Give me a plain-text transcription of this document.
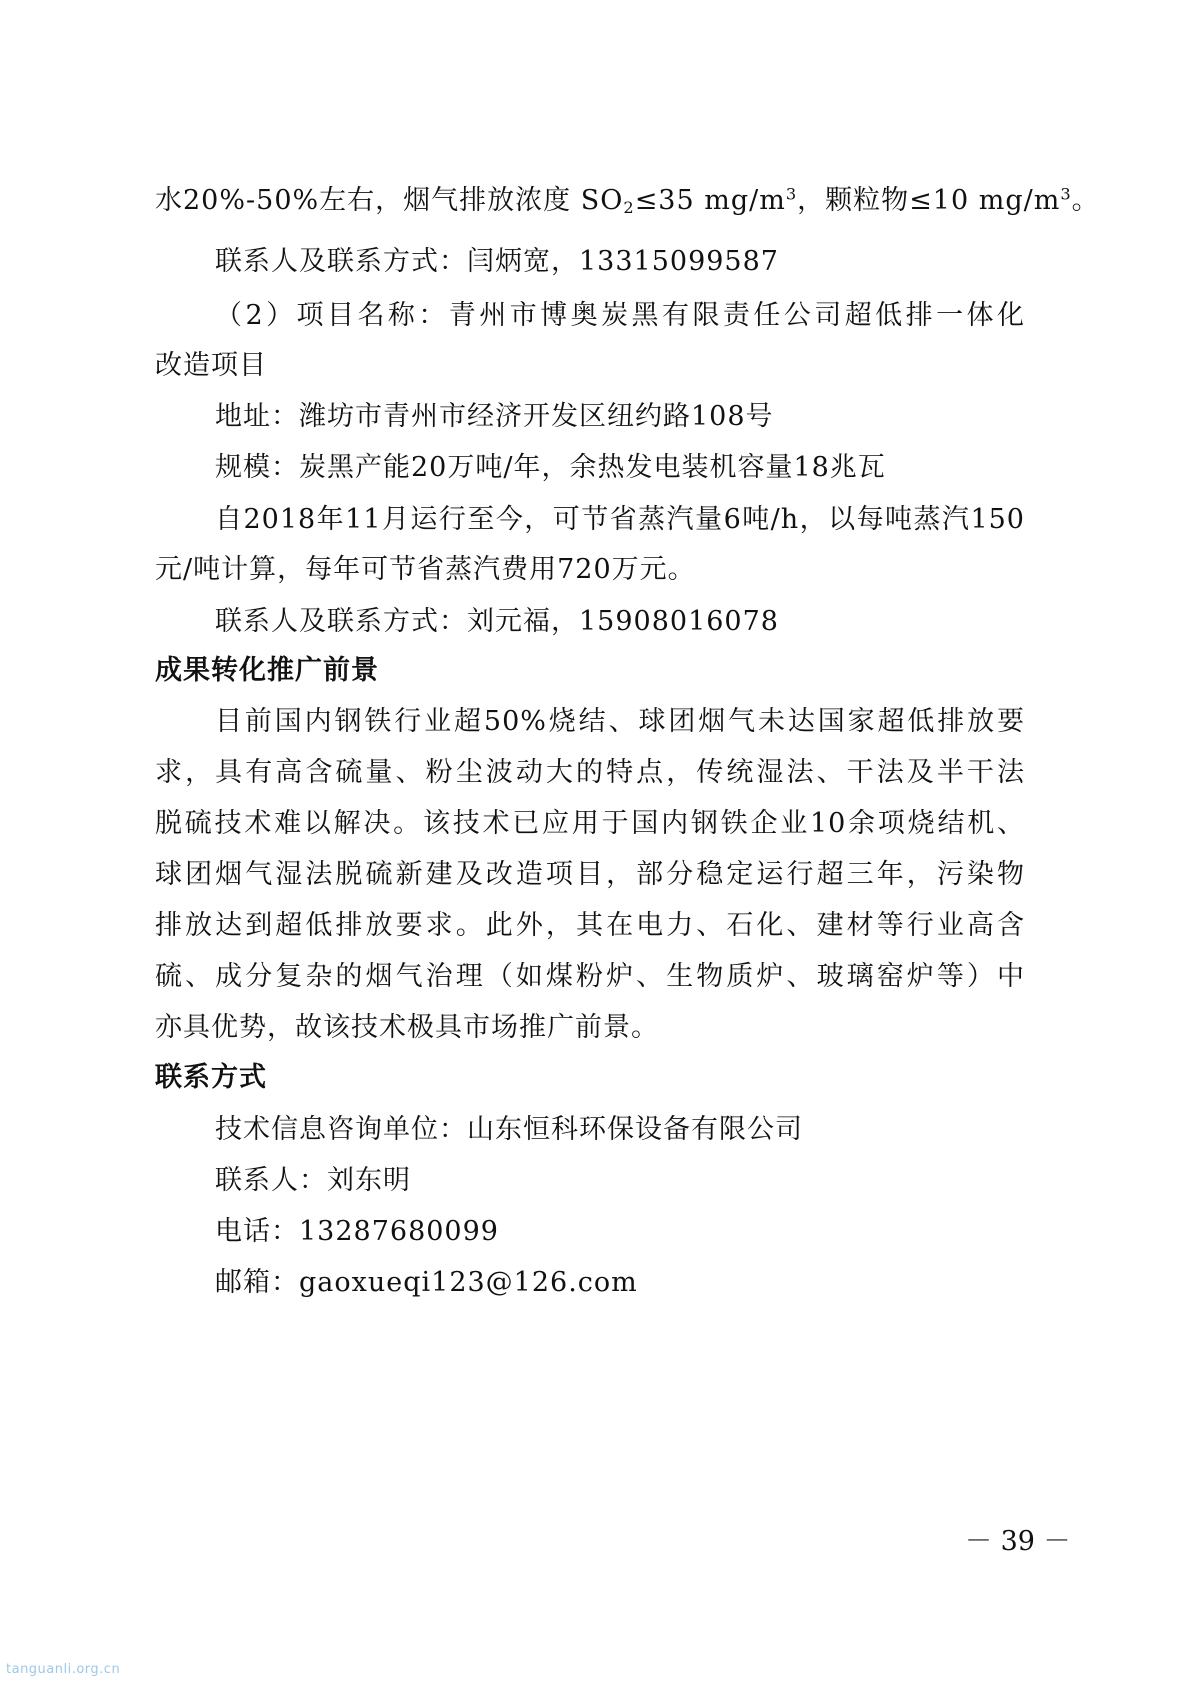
水20%-50%左右，烟气排放浓度 $SO_2\le 35$ $mg/m^3$，颗粒物≤10 $mg/m^3$。
联系人及联系方式：闫炳宽，13315099587
（2）项目名称：青州市博奥炭黑有限责任公司超低排一体化
改造项目
地址：潍坊市青州市经济开发区纽约路108号
规模：炭黑产能20万吨/年，余热发电装机容量18兆瓦
自2018年11月运行至今，可节省蒸汽量6吨/h，以每吨蒸汽150
元/吨计算，每年可节省蒸汽费用720万元。
联系人及联系方式：刘元福，15908016078
成果转化推广前景
目前国内钢铁行业超50%烧结、球团烟气未达国家超低排放要
求，具有高含硫量、粉尘波动大的特点，传统湿法、干法及半干法
脱硫技术难以解决。该技术已应用于国内钢铁企业10余项烧结机、
球团烟气湿法脱硫新建及改造项目，部分稳定运行超三年，污染物
排放达到超低排放要求。此外，其在电力、石化、建材等行业高含
硫、成分复杂的烟气治理（如煤粉炉、生物质炉、玻璃窑炉等）中
亦具优势，故该技术极具市场推广前景。
联系方式
技术信息咨询单位：山东恒科环保设备有限公司
联系人：刘东明
电话：13287680099
邮箱：gaoxueqi123@126.com
－ 39 －
tanguanli.org.cn
